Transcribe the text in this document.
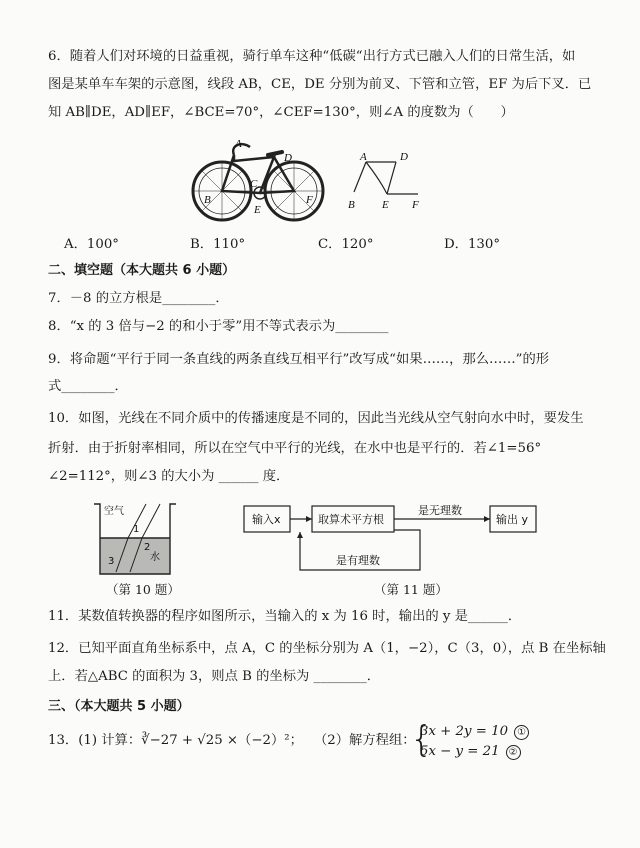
6．随着人们对环境的日益重视，骑行单车这种“低碳“出行方式已融入人们的日常生活，如
图是某单车车架的示意图，线段 AB，CE，DE 分别为前叉、下管和立管，EF 为后下叉．已
知 AB∥DE，AD∥EF，∠BCE=70°，∠CEF=130°，则∠A 的度数为（　　）
A
D
B
C
E
F
A	D
B E F
A．100°	B．110°	C．120°	D．130°
二、填空题（本大题共 6 小题）
7．－8 的立方根是________．
8．“x 的 3 倍与−2 的和小于零”用不等式表示为________
9．将命题“平行于同一条直线的两条直线互相平行”改写成“如果……，那么……”的形
式________．
10．如图，光线在不同介质中的传播速度是不同的，因此当光线从空气射向水中时，要发生
折射．由于折射率相同，所以在空气中平行的光线，在水中也是平行的．若∠1=56°
∠2=112°，则∠3 的大小为 ______ 度．
空气
水
1
2
3
（第 10 题）
输入x	取算术平方根	输出 y
是无理数
是有理数
（第 11 题）
11．某数值转换器的程序如图所示，当输入的 x 为 16 时，输出的 y 是______．
12．已知平面直角坐标系中，点 A，C 的坐标分别为 A（1，−2），C（3，0），点 B 在坐标轴
上．若△ABC 的面积为 3，则点 B 的坐标为 ________．
三、（本大题共 5 小题）
13．(1) 计算：∛−27 + √25 ×（−2）²； （2）解方程组：
{
3x + 2y = 10 ①
5x − y = 21 ②
